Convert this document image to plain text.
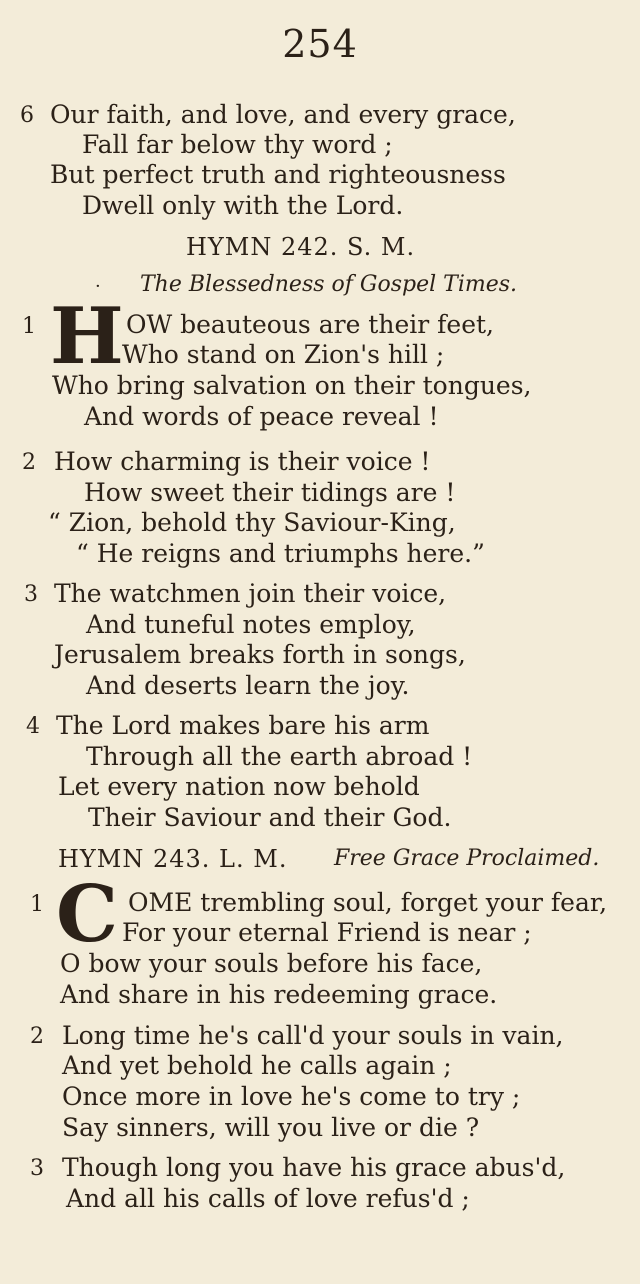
254
6 Our faith, and love, and every grace,
Fall far below thy word ;
But perfect truth and righteousness
Dwell only with the Lord.
HYMN 242. S. M.
· The Blessedness of Gospel Times.
1 H OW beauteous are their feet,
Who stand on Zion's hill ;
Who bring salvation on their tongues,
And words of peace reveal !
2 How charming is their voice !
How sweet their tidings are !
“ Zion, behold thy Saviour-King,
“ He reigns and triumphs here.”
3 The watchmen join their voice,
And tuneful notes employ,
Jerusalem breaks forth in songs,
And deserts learn the joy.
4 The Lord makes bare his arm
Through all the earth abroad !
Let every nation now behold
Their Saviour and their God.
HYMN 243. L. M. Free Grace Proclaimed.
1 C OME trembling soul, forget your fear,
For your eternal Friend is near ;
O bow your souls before his face,
And share in his redeeming grace.
2 Long time he's call'd your souls in vain,
And yet behold he calls again ;
Once more in love he's come to try ;
Say sinners, will you live or die ?
3 Though long you have his grace abus'd,
And all his calls of love refus'd ;
